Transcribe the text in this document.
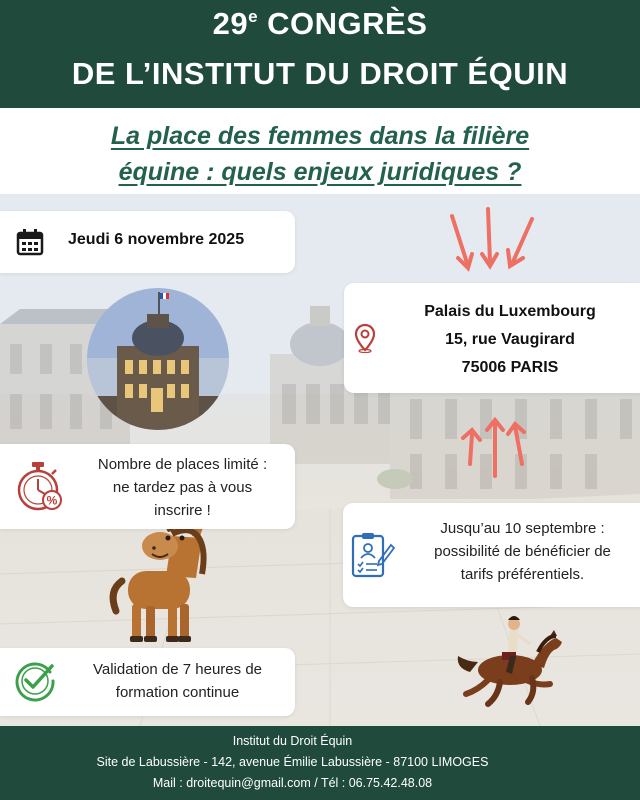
29e CONGRÈS
DE L’INSTITUT DU DROIT ÉQUIN
La place des femmes dans la filière
équine : quels enjeux juridiques ?
Jeudi 6 novembre 2025
Palais du Luxembourg
15, rue Vaugirard
75006 PARIS
%
Nombre de places limité :
ne tardez pas à vous
inscrire !
Jusqu’au 10 septembre :
possibilité de bénéficier de
tarifs préférentiels.
Validation de 7 heures de
formation continue
Institut du Droit Équin
Site de Labussière - 142, avenue Émilie Labussière - 87100 LIMOGES
Mail : droitequin@gmail.com / Tél : 06.75.42.48.08
